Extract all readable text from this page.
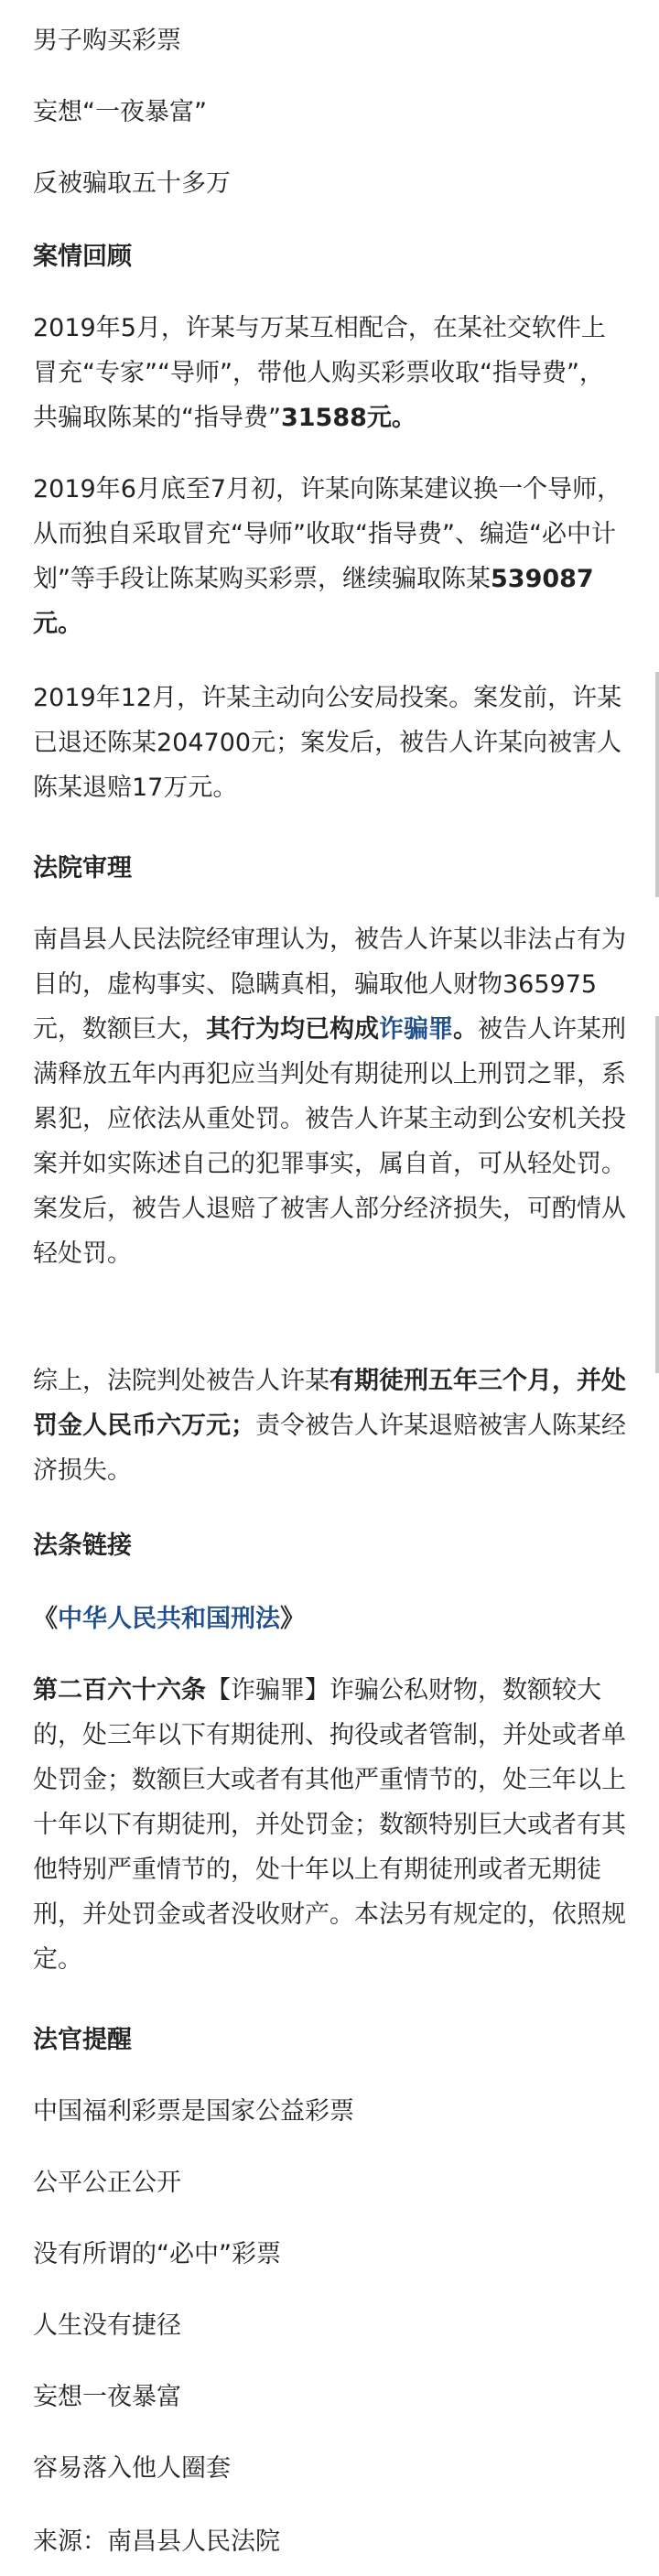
男子购买彩票

妄想“一夜暴富”

反被骗取五十多万

案情回顾

2019年5月，许某与万某互相配合，在某社交软件上冒充“专家”“导师”，带他人购买彩票收取“指导费”，共骗取陈某的“指导费”31588元。

2019年6月底至7月初，许某向陈某建议换一个导师，从而独自采取冒充“导师”收取“指导费”、编造“必中计划”等手段让陈某购买彩票，继续骗取陈某539087元。

2019年12月，许某主动向公安局投案。案发前，许某已退还陈某204700元；案发后，被告人许某向被害人陈某退赔17万元。

法院审理

南昌县人民法院经审理认为，被告人许某以非法占有为目的，虚构事实、隐瞒真相，骗取他人财物365975元，数额巨大，其行为均已构成诈骗罪。被告人许某刑满释放五年内再犯应当判处有期徒刑以上刑罚之罪，系累犯，应依法从重处罚。被告人许某主动到公安机关投案并如实陈述自己的犯罪事实，属自首，可从轻处罚。案发后，被告人退赔了被害人部分经济损失，可酌情从轻处罚。

综上，法院判处被告人许某有期徒刑五年三个月，并处罚金人民币六万元；责令被告人许某退赔被害人陈某经济损失。

法条链接

《中华人民共和国刑法》

第二百六十六条【诈骗罪】诈骗公私财物，数额较大的，处三年以下有期徒刑、拘役或者管制，并处或者单处罚金；数额巨大或者有其他严重情节的，处三年以上十年以下有期徒刑，并处罚金；数额特别巨大或者有其他特别严重情节的，处十年以上有期徒刑或者无期徒刑，并处罚金或者没收财产。本法另有规定的，依照规定。

法官提醒

中国福利彩票是国家公益彩票

公平公正公开

没有所谓的“必中”彩票

人生没有捷径

妄想一夜暴富

容易落入他人圈套

来源：南昌县人民法院
